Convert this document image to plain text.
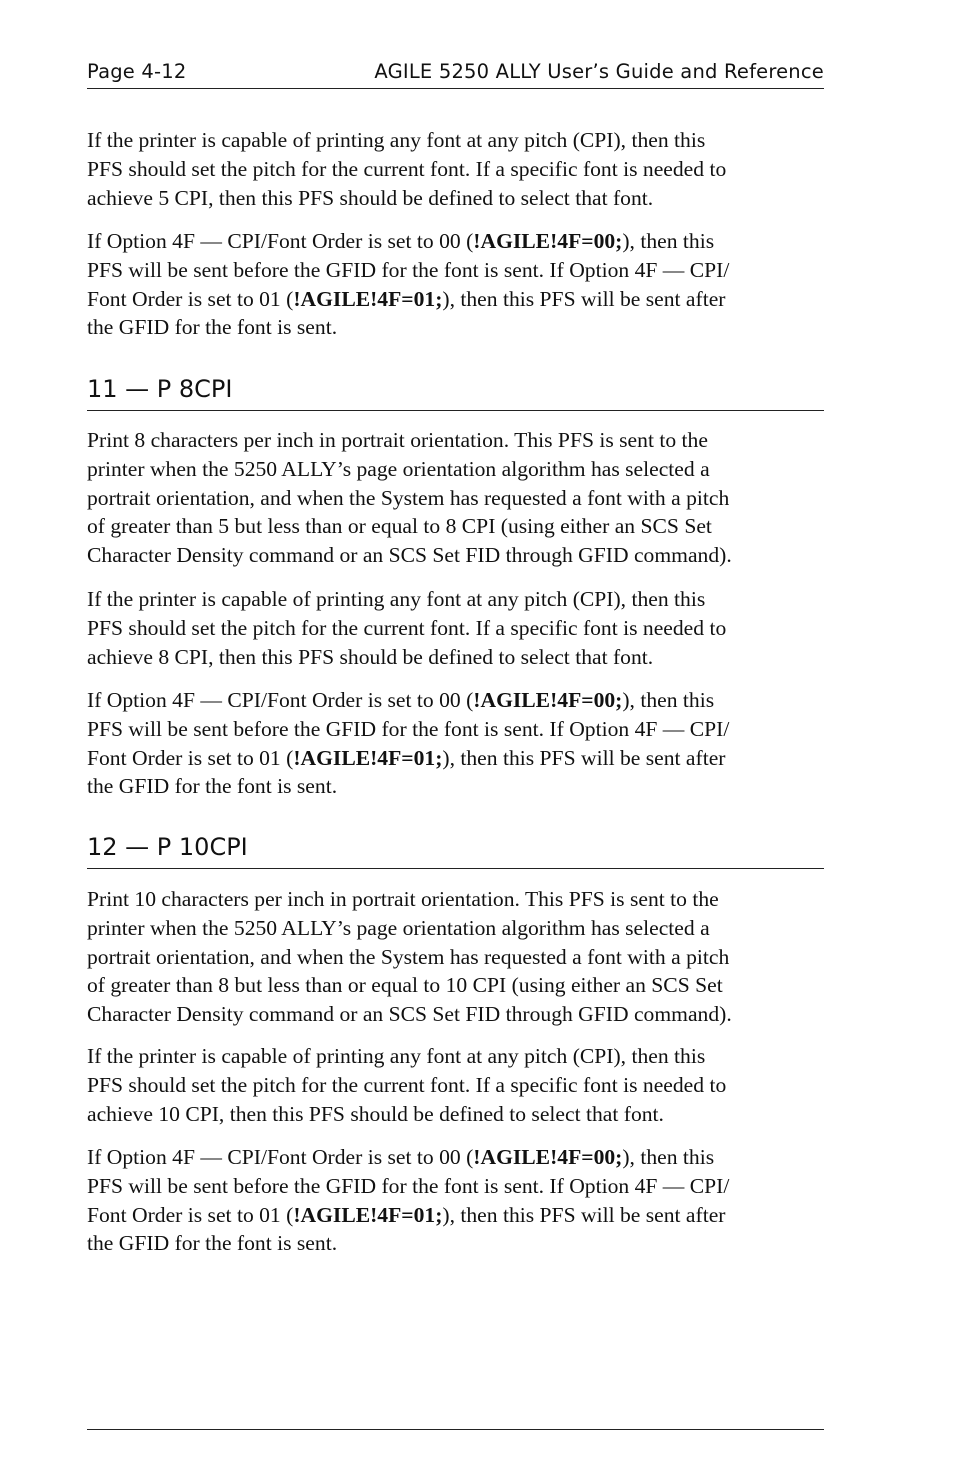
Page 4-12	AGILE 5250 ALLY User’s Guide and Reference

If the printer is capable of printing any font at any pitch (CPI), then this
PFS should set the pitch for the current font. If a specific font is needed to
achieve 5 CPI, then this PFS should be defined to select that font.

If Option 4F — CPI/Font Order is set to 00 (!AGILE!4F=00;), then this
PFS will be sent before the GFID for the font is sent. If Option 4F — CPI/
Font Order is set to 01 (!AGILE!4F=01;), then this PFS will be sent after
the GFID for the font is sent.

11 — P 8CPI

Print 8 characters per inch in portrait orientation. This PFS is sent to the
printer when the 5250 ALLY’s page orientation algorithm has selected a
portrait orientation, and when the System has requested a font with a pitch
of greater than 5 but less than or equal to 8 CPI (using either an SCS Set
Character Density command or an SCS Set FID through GFID command).

If the printer is capable of printing any font at any pitch (CPI), then this
PFS should set the pitch for the current font. If a specific font is needed to
achieve 8 CPI, then this PFS should be defined to select that font.

If Option 4F — CPI/Font Order is set to 00 (!AGILE!4F=00;), then this
PFS will be sent before the GFID for the font is sent. If Option 4F — CPI/
Font Order is set to 01 (!AGILE!4F=01;), then this PFS will be sent after
the GFID for the font is sent.

12 — P 10CPI

Print 10 characters per inch in portrait orientation. This PFS is sent to the
printer when the 5250 ALLY’s page orientation algorithm has selected a
portrait orientation, and when the System has requested a font with a pitch
of greater than 8 but less than or equal to 10 CPI (using either an SCS Set
Character Density command or an SCS Set FID through GFID command).

If the printer is capable of printing any font at any pitch (CPI), then this
PFS should set the pitch for the current font. If a specific font is needed to
achieve 10 CPI, then this PFS should be defined to select that font.

If Option 4F — CPI/Font Order is set to 00 (!AGILE!4F=00;), then this
PFS will be sent before the GFID for the font is sent. If Option 4F — CPI/
Font Order is set to 01 (!AGILE!4F=01;), then this PFS will be sent after
the GFID for the font is sent.
